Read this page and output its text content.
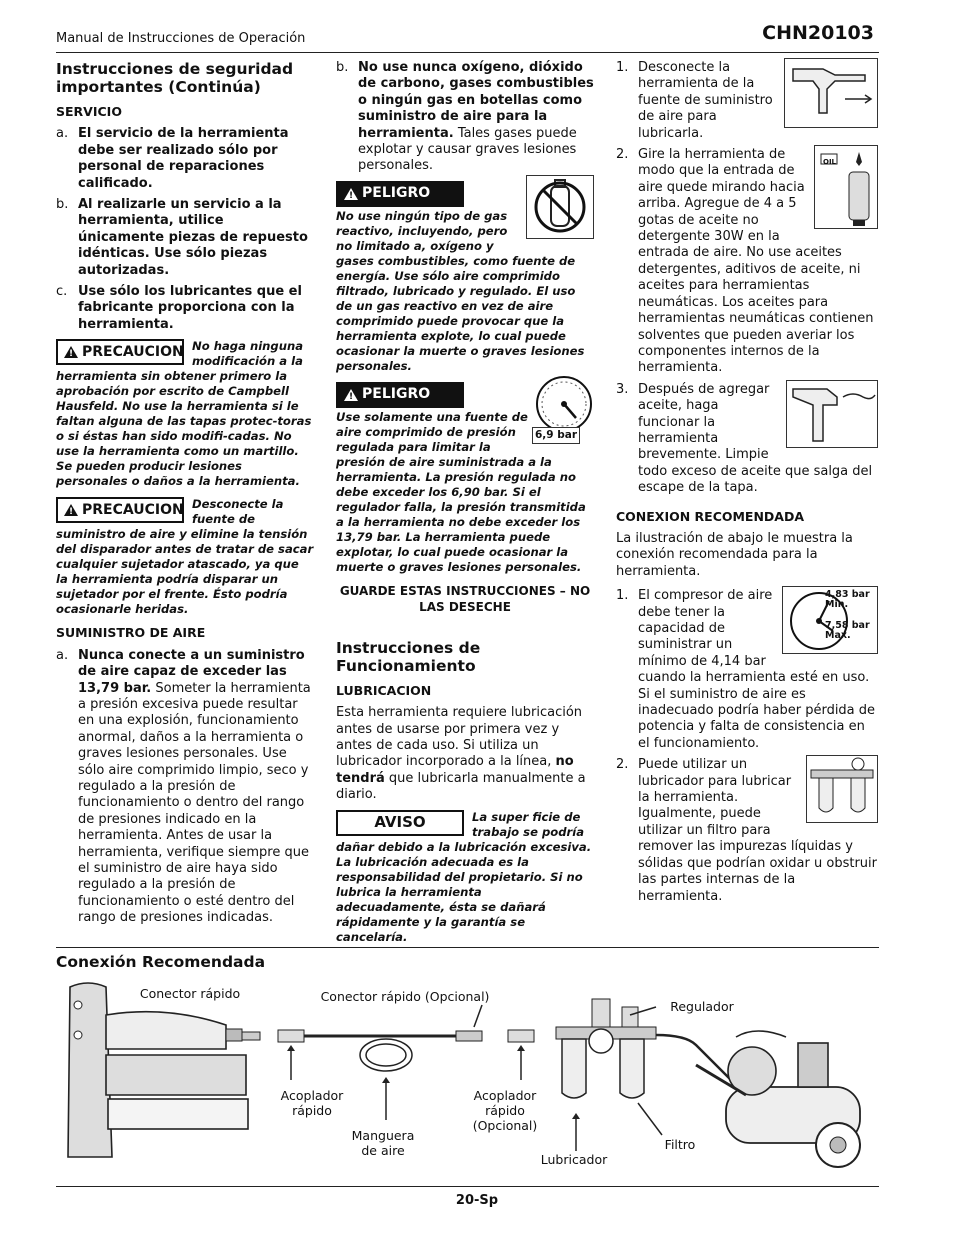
Manual de Instrucciones de Operación	CHN20103
Instrucciones de seguridad importantes (Continúa)
SERVICIO
a. El servicio de la herramienta debe ser realizado sólo por personal de reparaciones calificado.
b. Al realizarle un servicio a la herramienta, utilice únicamente piezas de repuesto idénticas. Use sólo piezas autorizadas.
c. Use sólo los lubricantes que el fabricante proporciona con la herramienta.
!
PRECAUCION No haga ninguna modificación a la herramienta sin obtener primero la aprobación por escrito de Campbell Hausfeld. No use la herramienta si le faltan alguna de las tapas protec-toras o si éstas han sido modifi-cadas. No use la herramienta como un martillo. Se pueden producir lesiones personales o daños a la herramienta.
!
PRECAUCION Desconecte la fuente de suministro de aire y elimine la tensión del disparador antes de tratar de sacar cualquier sujetador atascado, ya que la herramienta podría disparar un sujetador por el frente. Ésto podría ocasionarle heridas.
SUMINISTRO DE AIRE
a. Nunca conecte a un suministro de aire capaz de exceder las 13,79 bar. Someter la herramienta a presión excesiva puede resultar en una explosión, funcionamiento anormal, daños a la herramienta o graves lesiones personales. Use sólo aire comprimido limpio, seco y regulado a la presión de funcionamiento o dentro del rango de presiones indicado en la herramienta. Antes de usar la herramienta, verifique siempre que el suministro de aire haya sido regulado a la presión de funcionamiento o esté dentro del rango de presiones indicadas.
b. No use nunca oxígeno, dióxido de carbono, gases combustibles o ningún gas en botellas como suministro de aire para la herramienta. Tales gases puede explotar y causar graves lesiones personales.
!
PELIGRO
No use ningún tipo de gas reactivo, incluyendo, pero no limitado a, oxígeno y gases combustibles, como fuente de energía. Use sólo aire comprimido filtrado, lubricado y regulado. El uso de un gas reactivo en vez de aire comprimido puede provocar que la herramienta explote, lo cual puede ocasionar la muerte o graves lesiones personales.
6,9 bar
!
PELIGRO
Use solamente una fuente de aire comprimido de presión regulada para limitar la presión de aire suministrada a la herramienta. La presión regulada no debe exceder los 6,90 bar. Si el regulador falla, la presión transmitida a la herramienta no debe exceder los 13,79 bar. La herramienta puede explotar, lo cual puede ocasionar la muerte o graves lesiones personales.
GUARDE ESTAS INSTRUCCIONES – NO LAS DESECHE
Instrucciones de Funcionamiento
LUBRICACION
Esta herramienta requiere lubricación antes de usarse por primera vez y antes de cada uso. Si utiliza un lubricador incorporado a la línea, no tendrá que lubricarla manualmente a diario.
AVISO	La super ficie de trabajo se podría dañar debido a la lubricación excesiva. La lubricación adecuada es la responsabilidad del propietario. Si no lubrica la herramienta adecuadamente, ésta se dañará rápidamente y la garantía se cancelaría.
1. Desconecte la herramienta de la fuente de suministro de aire para lubricarla.
2.	OIL
Gire la herramienta de modo que la entrada de aire quede mirando hacia arriba. Agregue de 4 a 5 gotas de aceite no detergente 30W en la entrada de aire. No use aceites detergentes, aditivos de aceite, ni aceites para herramientas neumáticas. Los aceites para herramientas neumáticas contienen solventes que pueden averiar los componentes internos de la herramienta.
3. Después de agregar aceite, haga funcionar la herramienta brevemente. Limpie todo exceso de aceite que salga del escape de la tapa.
CONEXION RECOMENDADA
La ilustración de abajo le muestra la conexión recomendada para la herramienta.
1.	4,83 bar Min.
7,58 bar Max.
El compresor de aire debe tener la capacidad de suministrar un mínimo de 4,14 bar cuando la herramienta esté en uso. Si el suministro de aire es inadecuado podría haber pérdida de potencia y falta de consistencia en el funcionamiento.
2. Puede utilizar un lubricador para lubricar la herramienta. Igualmente, puede utilizar un filtro para remover las impurezas líquidas y sólidas que podrían oxidar u obstruir las partes internas de la herramienta.
Conexión Recomendada
Conector rápido	Conector rápido (Opcional)
Regulador
Acoplador rápido
Acoplador rápido (Opcional)
Manguera de aire	Filtro
Lubricador
20-Sp
